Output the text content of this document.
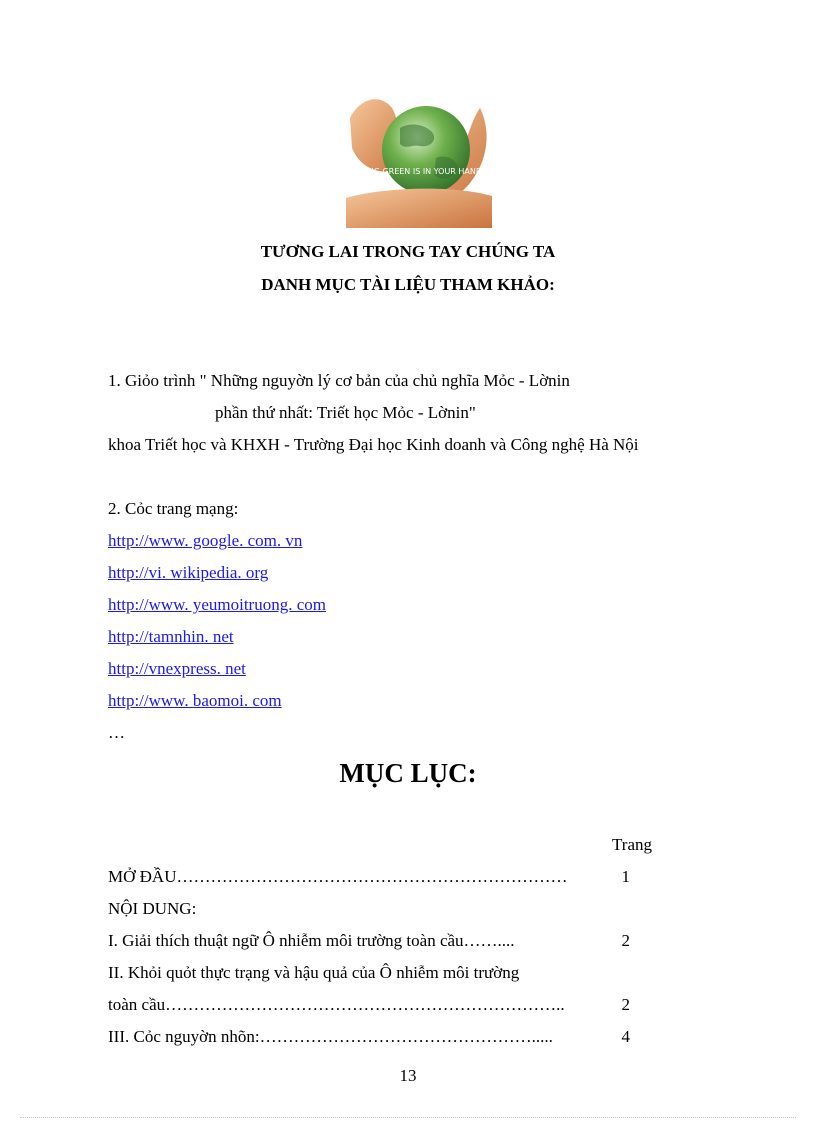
GOING GREEN IS IN YOUR HANDS
TƯƠNG LAI TRONG TAY CHÚNG TA
DANH MỤC TÀI LIỆU THAM KHẢO:
1. Giỏo trình " Những nguyờn lý cơ bản của chủ nghĩa Mỏc - Lờnin
phần thứ nhất: Triết học Mỏc - Lờnin"
khoa Triết học và KHXH - Trường Đại học Kinh doanh và Công nghệ Hà Nội
2. Cỏc trang mạng:
http://www. google. com. vn
http://vi. wikipedia. org
http://www. yeumoitruong. com
http://tamnhin. net
http://vnexpress. net
http://www. baomoi. com
…
MỤC LỤC:
Trang
MỞ ĐẦU……………………………………………………………	1
NỘI DUNG:
I. Giải thích thuật ngữ Ô nhiễm môi trường toàn cầu……....	2
II. Khỏi quỏt thực trạng và hậu quả của Ô nhiễm môi trường
toàn cầu……………………………………………………………..	2
III. Cỏc nguyờn nhõn:………………………………………….....	4
13
